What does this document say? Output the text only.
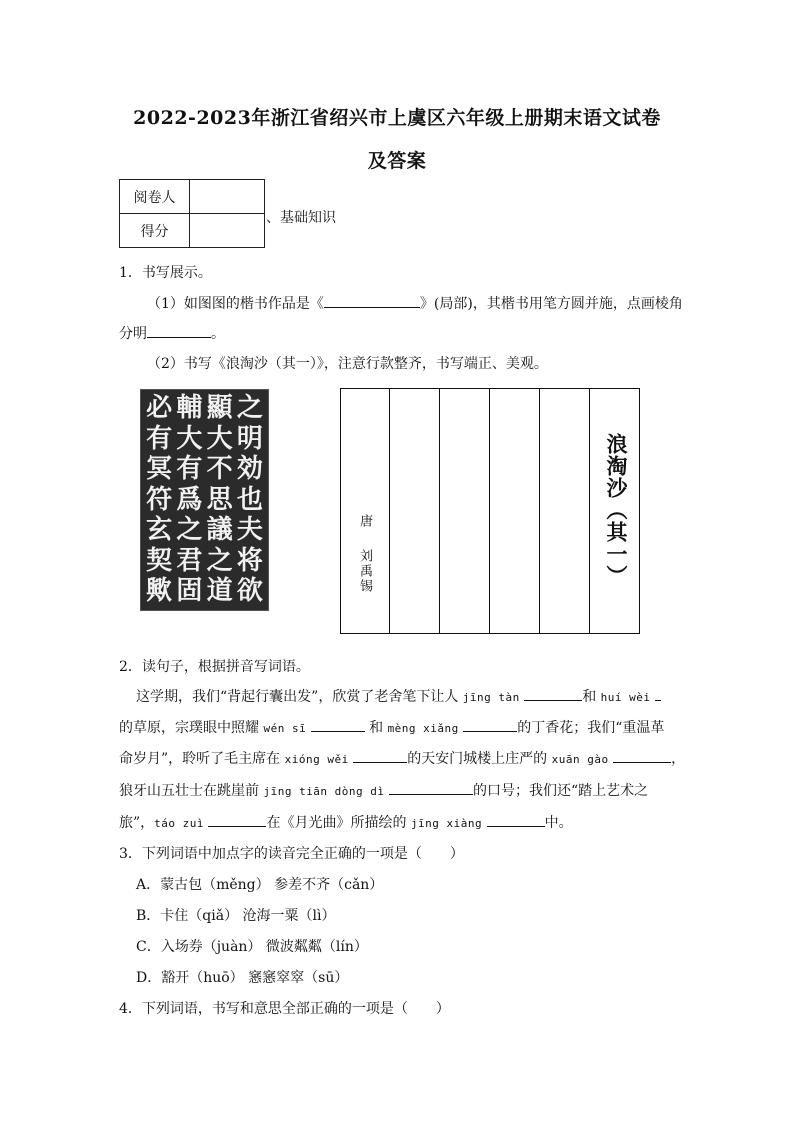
2022-2023年浙江省绍兴市上虞区六年级上册期末语文试卷
及答案
阅卷人	
得分	
、基础知识
1．书写展示。
（1）如图图的楷书作品是《	》(局部)，其楷书用笔方圆并施，点画棱角
分明	。
（2）书写《浪淘沙（其一）》，注意行款整齐，书写端正、美观。
必 輔 顯 之
有 大 大 明
冥 有 不 効
符 爲 思 也
玄 之 議 夫
契 君 之 将
歟 固 道 欲
唐
刘禹锡	浪淘沙（其一）
2．读句子，根据拼音写词语。
这学期，我们“背起行囊出发”，欣赏了老舍笔下让人 jīng tàn	和 huí wèi
的草原，宗璞眼中照耀 wén sī	和 mèng xiǎng	的丁香花；我们“重温革
命岁月”，聆听了毛主席在 xióng wěi	的天安门城楼上庄严的 xuān gào	，
狼牙山五壮士在跳崖前 jīng tiān dòng dì	的口号；我们还“踏上艺术之
旅”，táo zuì	在《月光曲》所描绘的 jīng xiàng	中。
3．下列词语中加点字的读音完全正确的一项是（　　）
A．蒙古包（měng） 参差不齐（cǎn）
B．卡住（qiǎ） 沧海一粟（lì）
C．入场券（juàn） 微波粼粼（lín）
D．豁开（huō） 窸窸窣窣（sū）
4．下列词语，书写和意思全部正确的一项是（　　）
